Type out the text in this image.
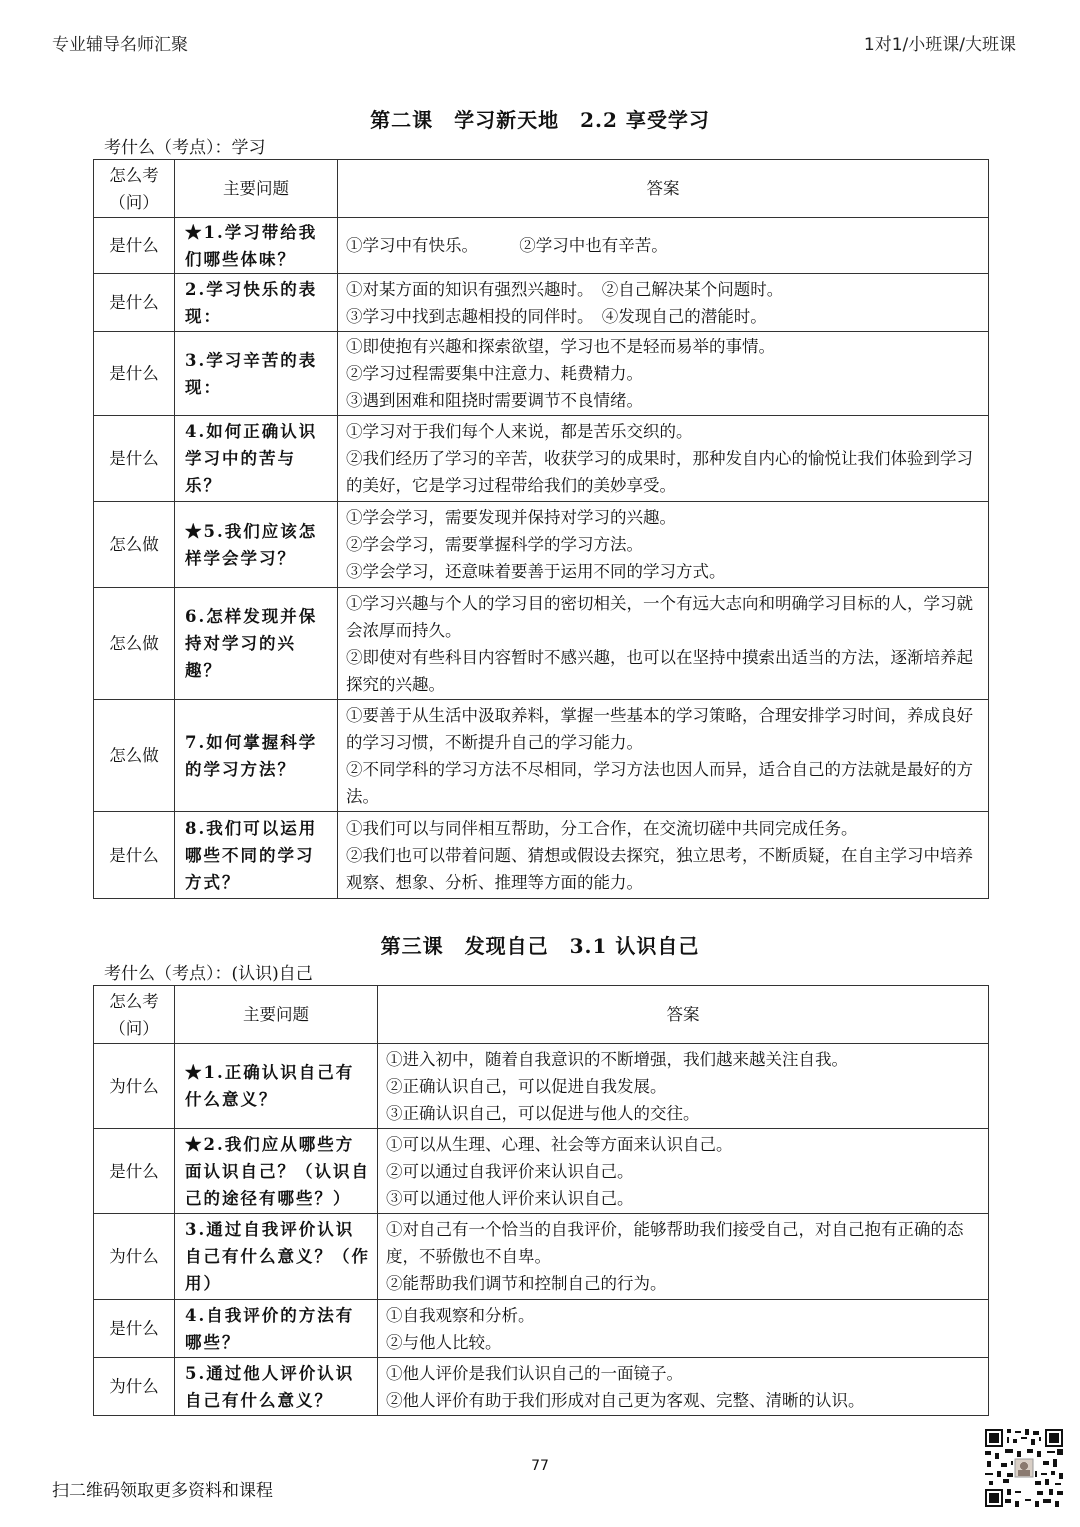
专业辅导名师汇聚	1对1/小班课/大班课
第二课　学习新天地　2.2 享受学习
考什么（考点）：学习
怎么考（问）	主要问题	答案
是什么	★1.学习带给我们哪些体味？	①学习中有快乐。　　　②学习中也有辛苦。

是什么	2.学习快乐的表现：	①对某方面的知识有强烈兴趣时。　②自己解决某个问题时。
③学习中找到志趣相投的同伴时。　④发现自己的潜能时。

是什么	3.学习辛苦的表现：	①即使抱有兴趣和探索欲望，学习也不是轻而易举的事情。
②学习过程需要集中注意力、耗费精力。
③遇到困难和阻挠时需要调节不良情绪。

是什么	4.如何正确认识学习中的苦与乐？	①学习对于我们每个人来说，都是苦乐交织的。
②我们经历了学习的辛苦，收获学习的成果时，那种发自内心的愉悦让我们体验到学习的美好，它是学习过程带给我们的美妙享受。

怎么做	★5.我们应该怎样学会学习？	①学会学习，需要发现并保持对学习的兴趣。
②学会学习，需要掌握科学的学习方法。
③学会学习，还意味着要善于运用不同的学习方式。

怎么做	6.怎样发现并保持对学习的兴趣？	①学习兴趣与个人的学习目的密切相关，一个有远大志向和明确学习目标的人，学习就会浓厚而持久。
②即使对有些科目内容暂时不感兴趣，也可以在坚持中摸索出适当的方法，逐渐培养起探究的兴趣。

怎么做	7.如何掌握科学的学习方法？	①要善于从生活中汲取养料，掌握一些基本的学习策略，合理安排学习时间，养成良好的学习习惯，不断提升自己的学习能力。
②不同学科的学习方法不尽相同，学习方法也因人而异，适合自己的方法就是最好的方法。

是什么	8.我们可以运用哪些不同的学习方式？	①我们可以与同伴相互帮助，分工合作，在交流切磋中共同完成任务。
②我们也可以带着问题、猜想或假设去探究，独立思考，不断质疑，在自主学习中培养观察、想象、分析、推理等方面的能力。
第三课　发现自己　3.1 认识自己
考什么（考点）：(认识)自己
怎么考（问）	主要问题	答案
为什么	★1.正确认识自己有什么意义？	①进入初中，随着自我意识的不断增强，我们越来越关注自我。
②正确认识自己，可以促进自我发展。
③正确认识自己，可以促进与他人的交往。

是什么	★2.我们应从哪些方面认识自己？（认识自己的途径有哪些？）	①可以从生理、心理、社会等方面来认识自己。
②可以通过自我评价来认识自己。
③可以通过他人评价来认识自己。

为什么	3.通过自我评价认识自己有什么意义？（作用）	①对自己有一个恰当的自我评价，能够帮助我们接受自己，对自己抱有正确的态度，不骄傲也不自卑。
②能帮助我们调节和控制自己的行为。

是什么	4.自我评价的方法有哪些？	①自我观察和分析。
②与他人比较。

为什么	5.通过他人评价认识自己有什么意义？	①他人评价是我们认识自己的一面镜子。
②他人评价有助于我们形成对自己更为客观、完整、清晰的认识。
77
扫二维码领取更多资料和课程
